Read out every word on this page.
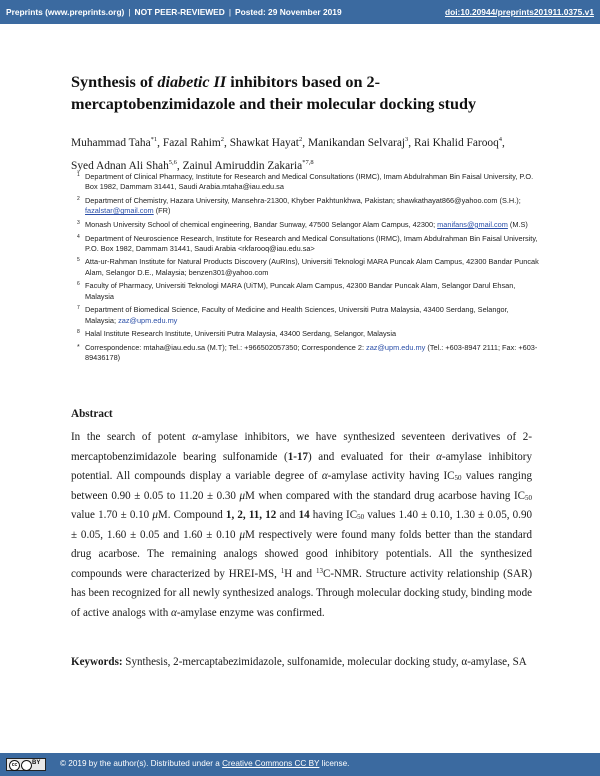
Preprints (www.preprints.org) | NOT PEER-REVIEWED | Posted: 29 November 2019	doi:10.20944/preprints201911.0375.v1
Synthesis of diabetic II inhibitors based on 2-mercaptobenzimidazole and their molecular docking study
Muhammad Taha$^{*1}$, Fazal Rahim$^2$, Shawkat Hayat$^2$, Manikandan Selvaraj$^3$, Rai Khalid Farooq$^4$,
Syed Adnan Ali Shah$^{5,6}$, Zainul Amiruddin Zakaria$^{*7,8}$
1 Department of Clinical Pharmacy, Institute for Research and Medical Consultations (IRMC), Imam Abdulrahman Bin Faisal University, P.O. Box 1982, Dammam 31441, Saudi Arabia.mtaha@iau.edu.sa
2 Department of Chemistry, Hazara University, Mansehra-21300, Khyber Pakhtunkhwa, Pakistan; shawkathayat866@yahoo.com (S.H.); fazalstar@gmail.com (FR)
3 Monash University School of chemical engineering, Bandar Sunway, 47500 Selangor Alam Campus, 42300; manifans@gmail.com (M.S)
4 Department of Neuroscience Research, Institute for Research and Medical Consultations (IRMC), Imam Abdulrahman Bin Faisal University, P.O. Box 1982, Dammam 31441, Saudi Arabia <rkfarooq@iau.edu.sa>
5 Atta-ur-Rahman Institute for Natural Products Discovery (AuRIns), Universiti Teknologi MARA Puncak Alam Campus, 42300 Bandar Puncak Alam, Selangor D.E., Malaysia; benzen301@yahoo.com
6 Faculty of Pharmacy, Universiti Teknologi MARA (UiTM), Puncak Alam Campus, 42300 Bandar Puncak Alam, Selangor Darul Ehsan, Malaysia
7 Department of Biomedical Science, Faculty of Medicine and Health Sciences, Universiti Putra Malaysia, 43400 Serdang, Selangor, Malaysia; zaz@upm.edu.my
8 Halal Institute Research Institute, Universiti Putra Malaysia, 43400 Serdang, Selangor, Malaysia
* Correspondence: mtaha@iau.edu.sa (M.T); Tel.: +966502057350; Correspondence 2: zaz@upm.edu.my (Tel.: +603-8947 2111; Fax: +603-89436178)
Abstract
In the search of potent α-amylase inhibitors, we have synthesized seventeen derivatives of 2-mercaptobenzimidazole bearing sulfonamide (1-17) and evaluated for their α-amylase inhibitory potential. All compounds display a variable degree of α-amylase activity having $IC_{50}$ values ranging between 0.90 ± 0.05 to 11.20 ± 0.30 μM when compared with the standard drug acarbose having $IC_{50}$ value 1.70 ± 0.10 μM. Compound 1, 2, 11, 12 and 14 having $IC_{50}$ values 1.40 ± 0.10, 1.30 ± 0.05, 0.90 ± 0.05, 1.60 ± 0.05 and 1.60 ± 0.10 μM respectively were found many folds better than the standard drug acarbose. The remaining analogs showed good inhibitory potentials. All the synthesized compounds were characterized by HREI-MS, $^1$H and $^{13}$C-NMR. Structure activity relationship (SAR) has been recognized for all newly synthesized analogs. Through molecular docking study, binding mode of active analogs with α-amylase enzyme was confirmed.
Keywords: Synthesis, 2-mercaptabezimidazole, sulfonamide, molecular docking study, α-amylase, SA
cc	BY © 2019 by the author(s). Distributed under a Creative Commons CC BY license.
